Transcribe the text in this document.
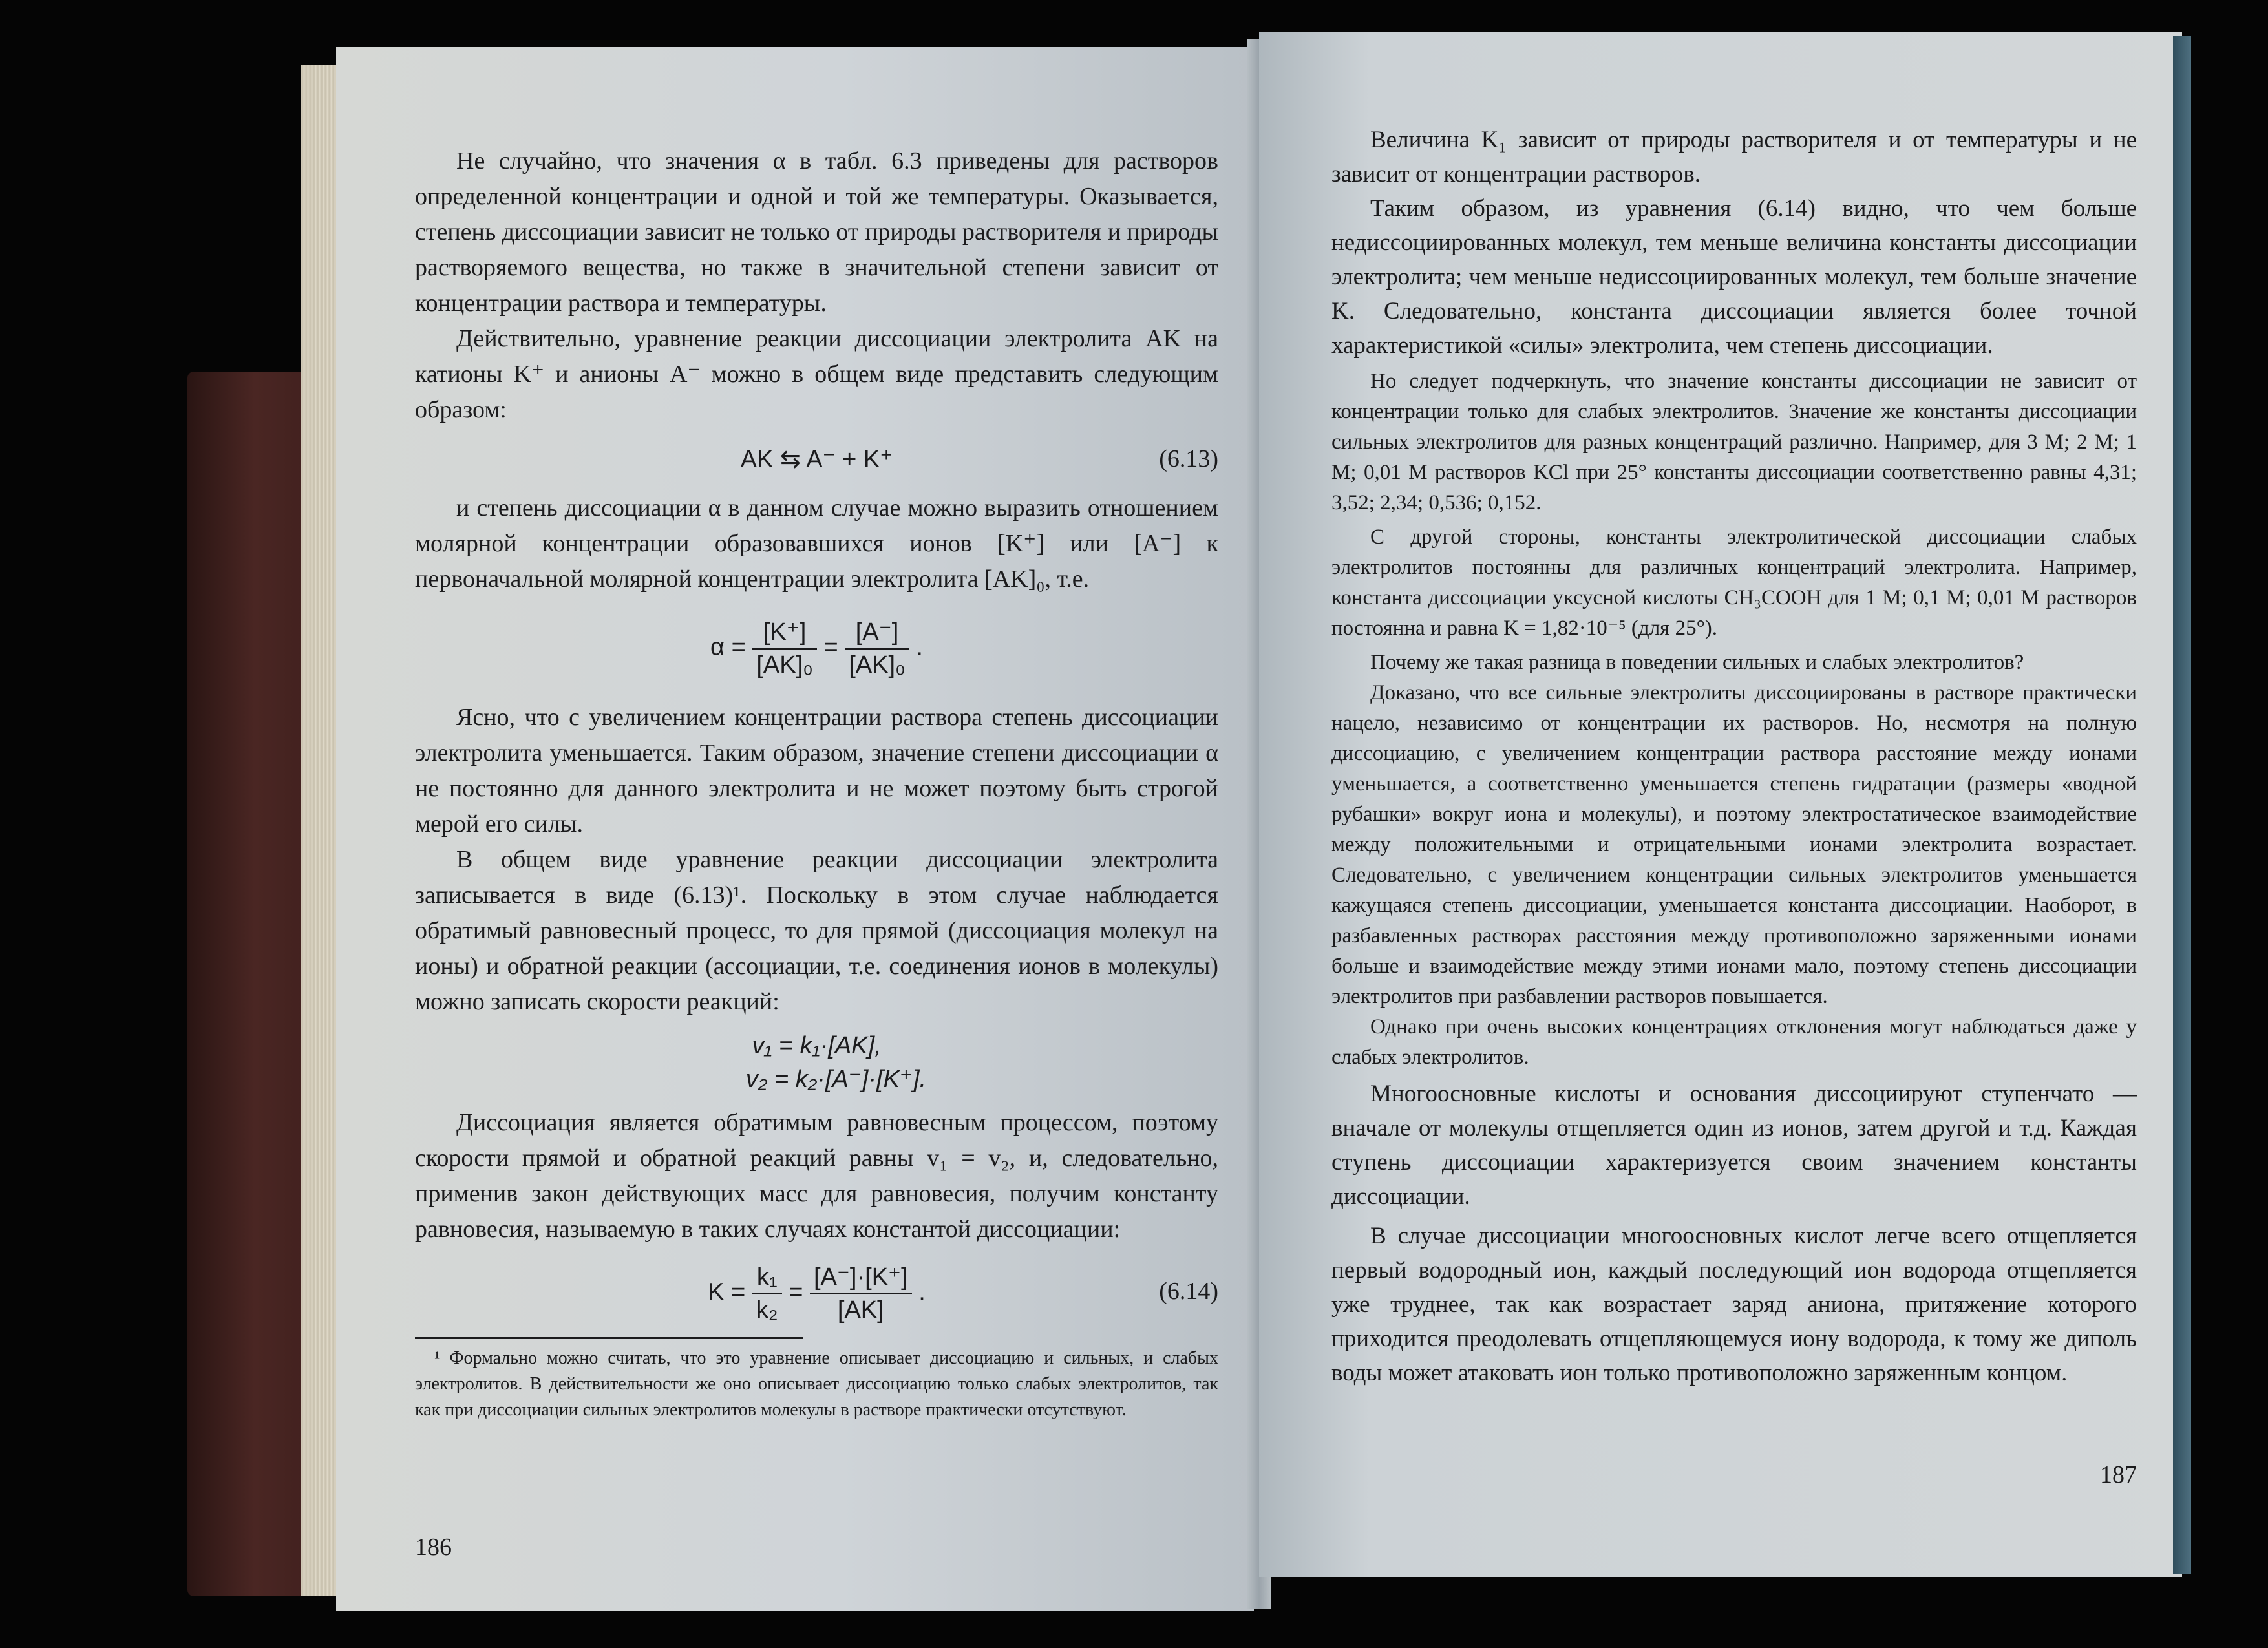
Не случайно, что значения α в табл. 6.3 приведены для растворов определенной концентрации и одной и той же температуры. Оказывается, степень диссоциации зависит не только от природы растворителя и природы растворяемого вещества, но также в значительной степени зависит от концентрации раствора и температуры.

Действительно, уравнение реакции диссоциации электролита AK на катионы K⁺ и анионы A⁻ можно в общем виде представить следующим образом:

AK ⇆ A⁻ + K⁺	(6.13)

и степень диссоциации α в данном случае можно выразить отношением молярной концентрации образовавшихся ионов [K⁺] или [A⁻] к первоначальной молярной концентрации электролита [AK]₀, т.е.

$\alpha = \frac{[K^+]}{\text{[AK]₀}} = \frac{[A^-]}{\text{[AK]₀}}$ .

Ясно, что с увеличением концентрации раствора степень диссоциации электролита уменьшается. Таким образом, значение степени диссоциации α не постоянно для данного электролита и не может поэтому быть строгой мерой его силы.

В общем виде уравнение реакции диссоциации электролита записывается в виде (6.13)¹. Поскольку в этом случае наблюдается обратимый равновесный процесс, то для прямой (диссоциация молекул на ионы) и обратной реакции (ассоциации, т.е. соединения ионов в молекулы) можно записать скорости реакций:

v₁ = k₁·[AK],
v₂ = k₂·[A⁻]·[K⁺].

Диссоциация является обратимым равновесным процессом, поэтому скорости прямой и обратной реакций равны v₁ = v₂, и, следовательно, применив закон действующих масс для равновесия, получим константу равновесия, называемую в таких случаях константой диссоциации:

$K = \frac{\text{k₁}}{\text{k₂}} = \frac{[A^-]\cdot[K^+]}{[AK]}$ .	(6.14)

¹ Формально можно считать, что это уравнение описывает диссоциацию и сильных, и слабых электролитов. В действительности же оно описывает диссоциацию только слабых электролитов, так как при диссоциации сильных электролитов молекулы в растворе практически отсутствуют.

186

Величина K₁ зависит от природы растворителя и от температуры и не зависит от концентрации растворов.

Таким образом, из уравнения (6.14) видно, что чем больше недиссоциированных молекул, тем меньше величина константы диссоциации электролита; чем меньше недиссоциированных молекул, тем больше значение K. Следовательно, константа диссоциации является более точной характеристикой «силы» электролита, чем степень диссоциации.

Но следует подчеркнуть, что значение константы диссоциации не зависит от концентрации только для слабых электролитов. Значение же константы диссоциации сильных электролитов для разных концентраций различно. Например, для 3 М; 2 М; 1 М; 0,01 М растворов KCl при 25° константы диссоциации соответственно равны 4,31; 3,52; 2,34; 0,536; 0,152.

С другой стороны, константы электролитической диссоциации слабых электролитов постоянны для различных концентраций электролита. Например, константа диссоциации уксусной кислоты CH₃COOH для 1 М; 0,1 М; 0,01 М растворов постоянна и равна K = 1,82·10⁻⁵ (для 25°).

Почему же такая разница в поведении сильных и слабых электролитов?

Доказано, что все сильные электролиты диссоциированы в растворе практически нацело, независимо от концентрации их растворов. Но, несмотря на полную диссоциацию, с увеличением концентрации раствора расстояние между ионами уменьшается, а соответственно уменьшается степень гидратации (размеры «водной рубашки» вокруг иона и молекулы), и поэтому электростатическое взаимодействие между положительными и отрицательными ионами электролита возрастает. Следовательно, с увеличением концентрации сильных электролитов уменьшается кажущаяся степень диссоциации, уменьшается константа диссоциации. Наоборот, в разбавленных растворах расстояния между противоположно заряженными ионами больше и взаимодействие между этими ионами мало, поэтому степень диссоциации электролитов при разбавлении растворов повышается.

Однако при очень высоких концентрациях отклонения могут наблюдаться даже у слабых электролитов.

Многоосновные кислоты и основания диссоциируют ступенчато — вначале от молекулы отщепляется один из ионов, затем другой и т.д. Каждая ступень диссоциации характеризуется своим значением константы диссоциации.

В случае диссоциации многоосновных кислот легче всего отщепляется первый водородный ион, каждый последующий ион водорода отщепляется уже труднее, так как возрастает заряд аниона, притяжение которого приходится преодолевать отщепляющемуся иону водорода, к тому же диполь воды может атаковать ион только противоположно заряженным концом.

187
